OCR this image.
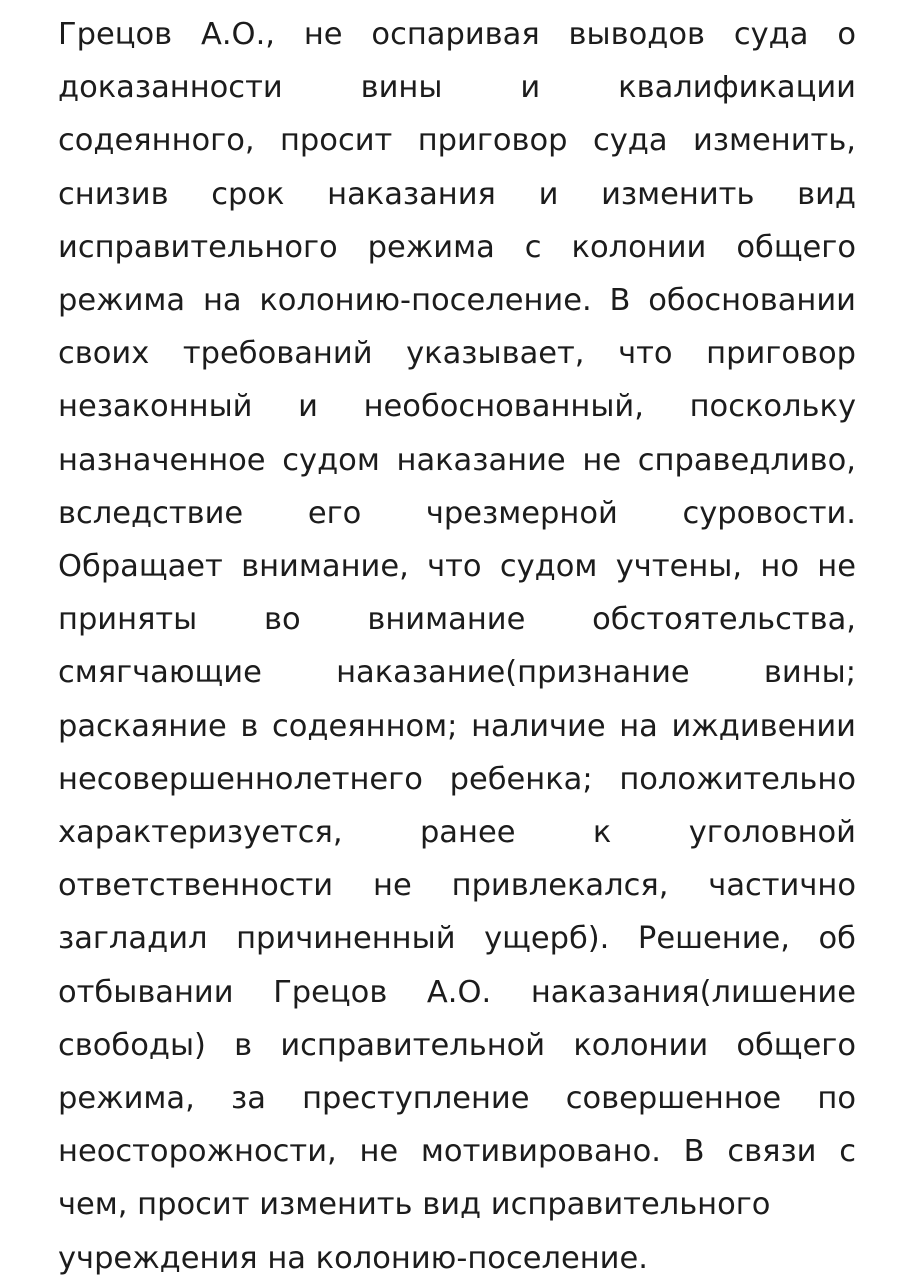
Грецов А.О., не оспаривая выводов суда о доказанности вины и квалификации содеянного, просит приговор суда изменить, снизив срок наказания и изменить вид исправительного режима с колонии общего режима на колонию-поселение. В обосновании своих требований указывает, что приговор незаконный и необоснованный, поскольку назначенное судом наказание не справедливо, вследствие его чрезмерной суровости. Обращает внимание, что судом учтены, но не приняты во внимание обстоятельства, смягчающие наказание(признание вины; раскаяние в содеянном; наличие на иждивении несовершеннолетнего ребенка; положительно характеризуется, ранее к уголовной ответственности не привлекался, частично загладил причиненный ущерб). Решение, об отбывании Грецов А.О. наказания(лишение свободы) в исправительной колонии общего режима, за преступление совершенное по неосторожности, не мотивировано. В связи с чем, просит изменить вид исправительного

учреждения на колонию-поселение.
